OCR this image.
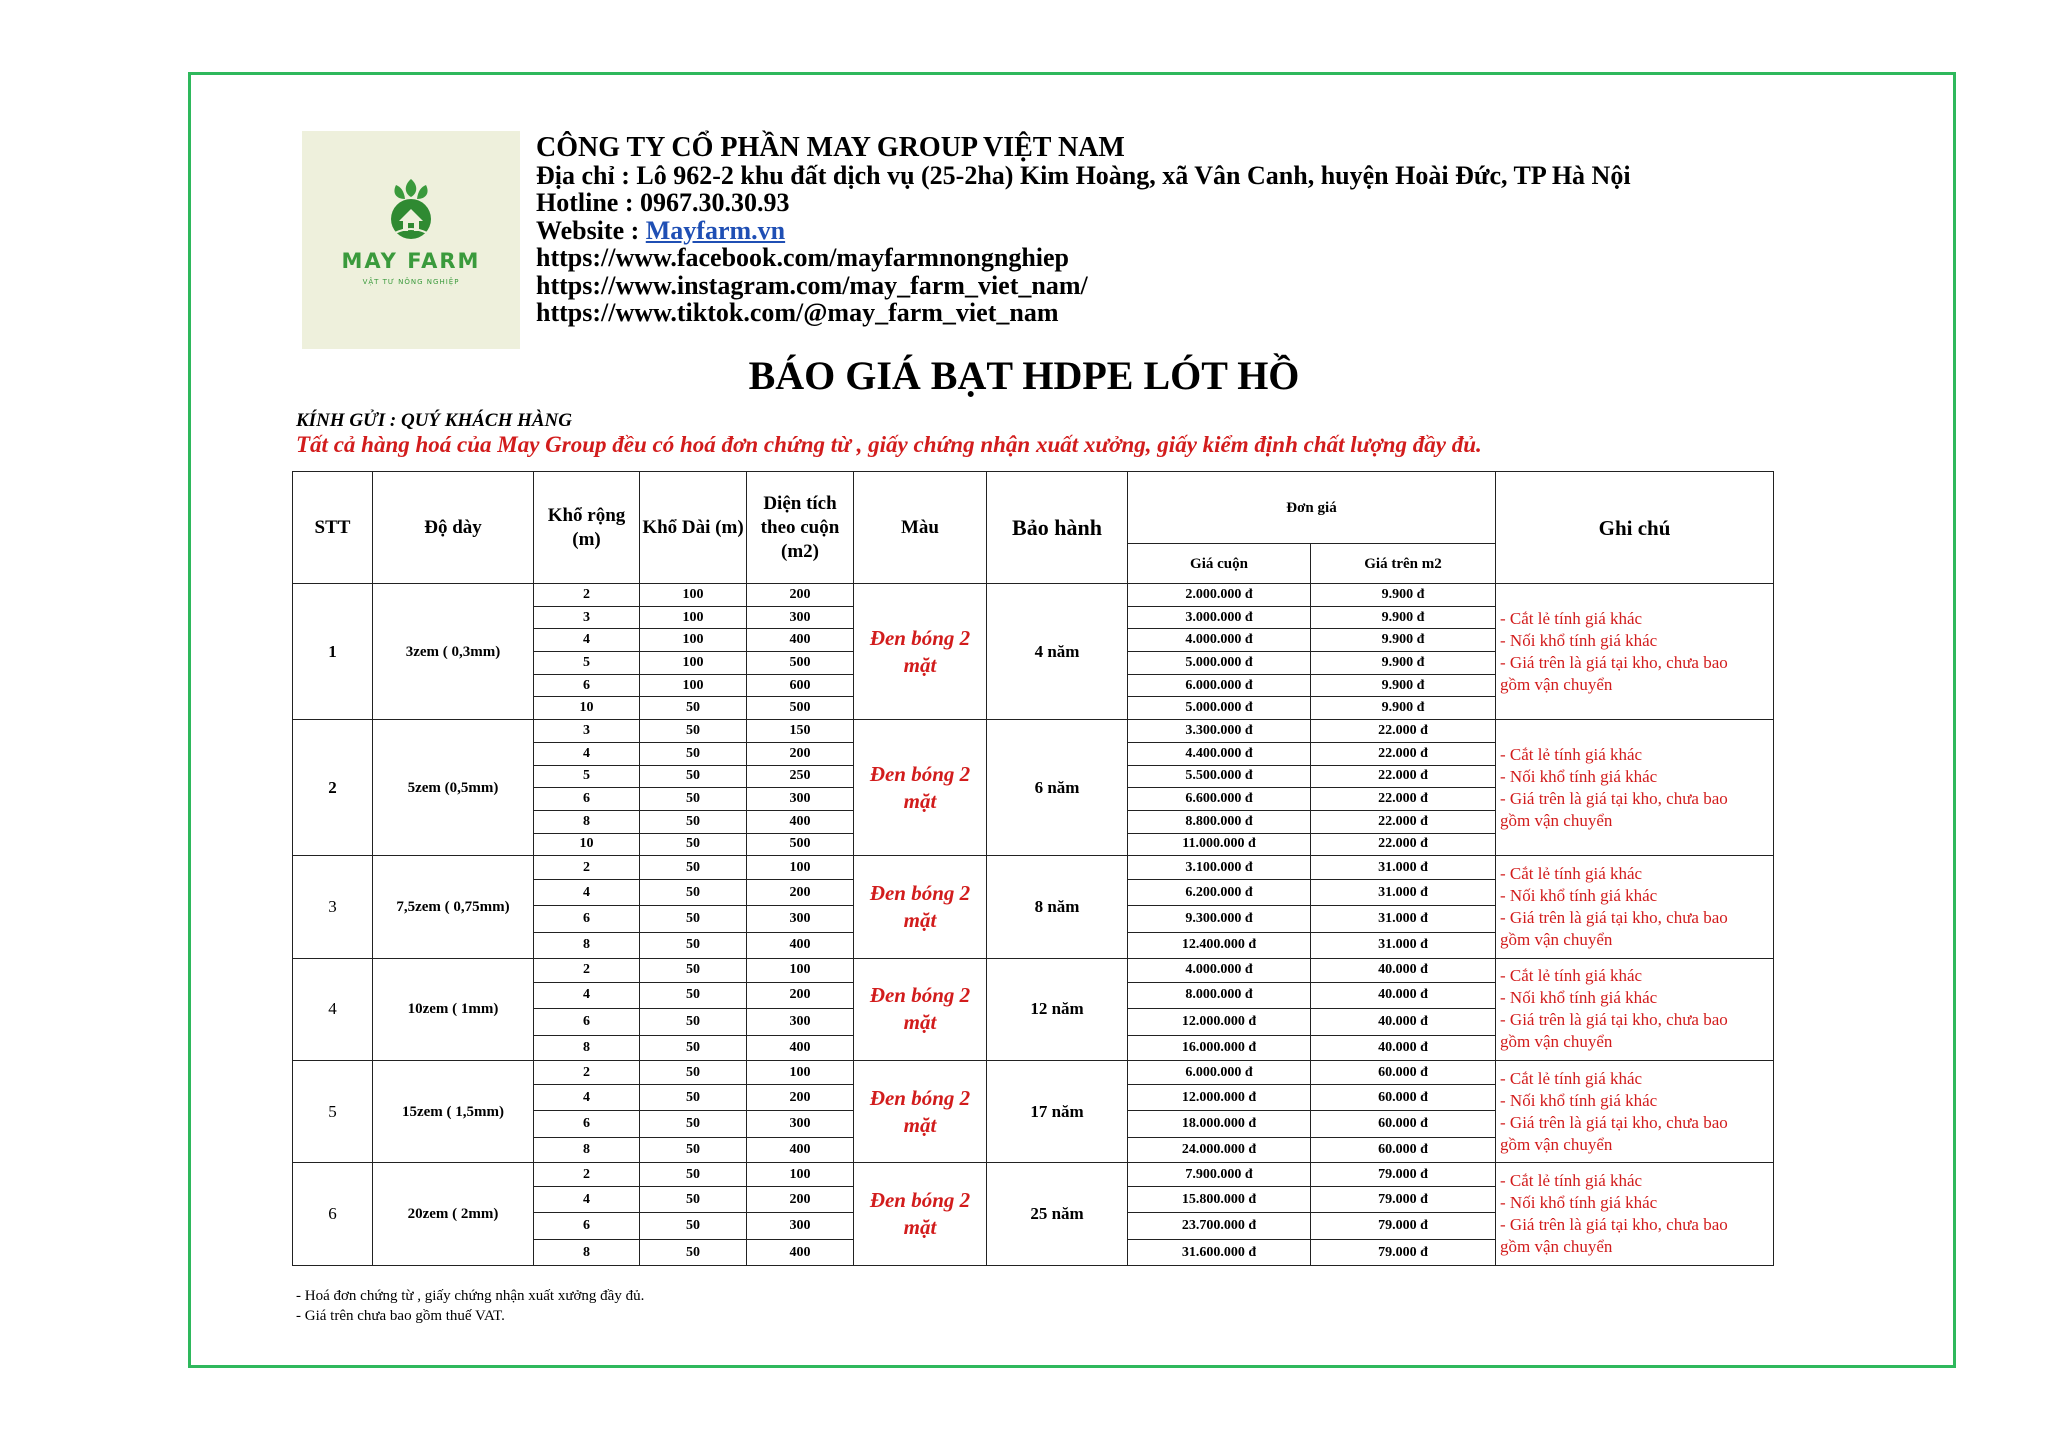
MAY FARM
VẬT TƯ NÔNG NGHIỆP
CÔNG TY CỔ PHẦN MAY GROUP VIỆT NAM
Địa chỉ : Lô 962-2 khu đất dịch vụ (25-2ha) Kim Hoàng, xã Vân Canh, huyện Hoài Đức, TP Hà Nội
Hotline : 0967.30.30.93
Website : Mayfarm.vn
https://www.facebook.com/mayfarmnongnghiep
https://www.instagram.com/may_farm_viet_nam/
https://www.tiktok.com/@may_farm_viet_nam
BÁO GIÁ BẠT HDPE LÓT HỒ
KÍNH GỬI : QUÝ KHÁCH HÀNG
Tất cả hàng hoá của May Group đều có hoá đơn chứng từ , giấy chứng nhận xuất xưởng, giấy kiểm định chất lượng đầy đủ.
STT	Độ dày	Khổ rộng (m)	Khổ Dài (m)	Diện tích theo cuộn (m2)	Màu	Bảo hành	Đơn giá		Ghi chú
							Giá cuộn	Giá trên m2	
1	3zem ( 0,3mm)	2	100	200	Đen bóng 2 mặt	4 năm	2.000.000 đ	9.900 đ	- Cắt lẻ tính giá khác
- Nối khổ tính giá khác
- Giá trên là giá tại kho, chưa bao
gồm vận chuyển

		3	100	300			3.000.000 đ	9.900 đ	
		4	100	400			4.000.000 đ	9.900 đ	
		5	100	500			5.000.000 đ	9.900 đ	
		6	100	600			6.000.000 đ	9.900 đ	
		10	50	500			5.000.000 đ	9.900 đ	
2	5zem (0,5mm)	3	50	150	Đen bóng 2 mặt	6 năm	3.300.000 đ	22.000 đ	- Cắt lẻ tính giá khác
- Nối khổ tính giá khác
- Giá trên là giá tại kho, chưa bao
gồm vận chuyển

		4	50	200			4.400.000 đ	22.000 đ	
		5	50	250			5.500.000 đ	22.000 đ	
		6	50	300			6.600.000 đ	22.000 đ	
		8	50	400			8.800.000 đ	22.000 đ	
		10	50	500			11.000.000 đ	22.000 đ	
3	7,5zem ( 0,75mm)	2	50	100	Đen bóng 2 mặt	8 năm	3.100.000 đ	31.000 đ	- Cắt lẻ tính giá khác
- Nối khổ tính giá khác
- Giá trên là giá tại kho, chưa bao
gồm vận chuyển

		4	50	200			6.200.000 đ	31.000 đ	
		6	50	300			9.300.000 đ	31.000 đ	
		8	50	400			12.400.000 đ	31.000 đ	
4	10zem ( 1mm)	2	50	100	Đen bóng 2 mặt	12 năm	4.000.000 đ	40.000 đ	- Cắt lẻ tính giá khác
- Nối khổ tính giá khác
- Giá trên là giá tại kho, chưa bao
gồm vận chuyển

		4	50	200			8.000.000 đ	40.000 đ	
		6	50	300			12.000.000 đ	40.000 đ	
		8	50	400			16.000.000 đ	40.000 đ	
5	15zem ( 1,5mm)	2	50	100	Đen bóng 2 mặt	17 năm	6.000.000 đ	60.000 đ	- Cắt lẻ tính giá khác
- Nối khổ tính giá khác
- Giá trên là giá tại kho, chưa bao
gồm vận chuyển

		4	50	200			12.000.000 đ	60.000 đ	
		6	50	300			18.000.000 đ	60.000 đ	
		8	50	400			24.000.000 đ	60.000 đ	
6	20zem ( 2mm)	2	50	100	Đen bóng 2 mặt	25 năm	7.900.000 đ	79.000 đ	- Cắt lẻ tính giá khác
- Nối khổ tính giá khác
- Giá trên là giá tại kho, chưa bao
gồm vận chuyển

		4	50	200			15.800.000 đ	79.000 đ	
		6	50	300			23.700.000 đ	79.000 đ	
		8	50	400			31.600.000 đ	79.000 đ	
- Hoá đơn chứng từ , giấy chứng nhận xuất xưởng đầy đủ.
- Giá trên chưa bao gồm thuế VAT.
